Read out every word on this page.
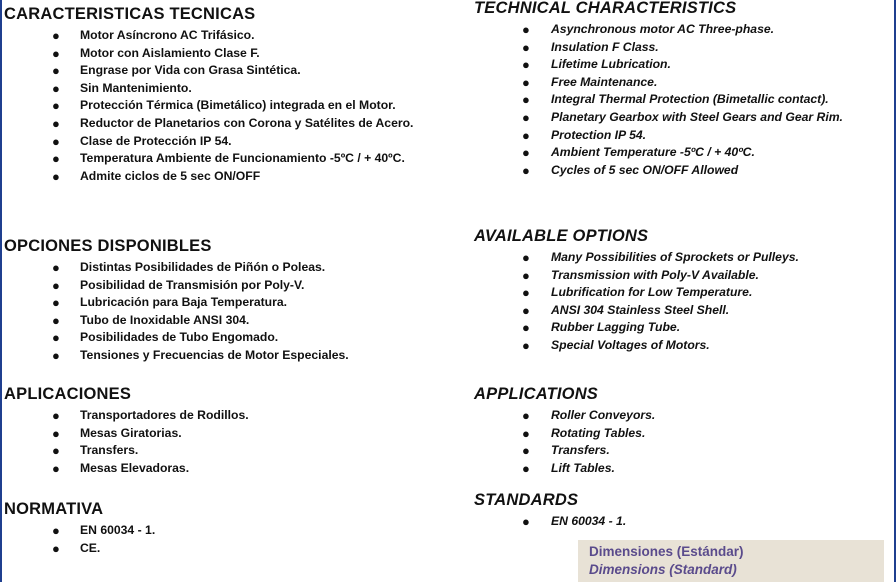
CARACTERISTICAS TECNICAS
● Motor Asíncrono AC Trifásico.
● Motor con Aislamiento Clase F.
● Engrase por Vida con Grasa Sintética.
● Sin Mantenimiento.
● Protección Térmica (Bimetálico) integrada en el Motor.
● Reductor de Planetarios con Corona y Satélites de Acero.
● Clase de Protección IP 54.
● Temperatura Ambiente de Funcionamiento -5ºC / + 40ºC.
● Admite ciclos de 5 sec ON/OFF
OPCIONES DISPONIBLES
● Distintas Posibilidades de Piñón o Poleas.
● Posibilidad de Transmisión por Poly-V.
● Lubricación para Baja Temperatura.
● Tubo de Inoxidable ANSI 304.
● Posibilidades de Tubo Engomado.
● Tensiones y Frecuencias de Motor Especiales.
APLICACIONES
● Transportadores de Rodillos.
● Mesas Giratorias.
● Transfers.
● Mesas Elevadoras.
NORMATIVA
● EN 60034 - 1.
● CE.
TECHNICAL CHARACTERISTICS
● Asynchronous motor AC Three-phase.
● Insulation F Class.
● Lifetime Lubrication.
● Free Maintenance.
● Integral Thermal Protection (Bimetallic contact).
● Planetary Gearbox with Steel Gears and Gear Rim.
● Protection IP 54.
● Ambient Temperature -5ºC / + 40ºC.
● Cycles of 5 sec ON/OFF Allowed
AVAILABLE OPTIONS
● Many Possibilities of Sprockets or Pulleys.
● Transmission with Poly-V Available.
● Lubrification for Low Temperature.
● ANSI 304 Stainless Steel Shell.
● Rubber Lagging Tube.
● Special Voltages of Motors.
APPLICATIONS
● Roller Conveyors.
● Rotating Tables.
● Transfers.
● Lift Tables.
STANDARDS
● EN 60034 - 1.
Dimensiones (Estándar)
Dimensions (Standard)
